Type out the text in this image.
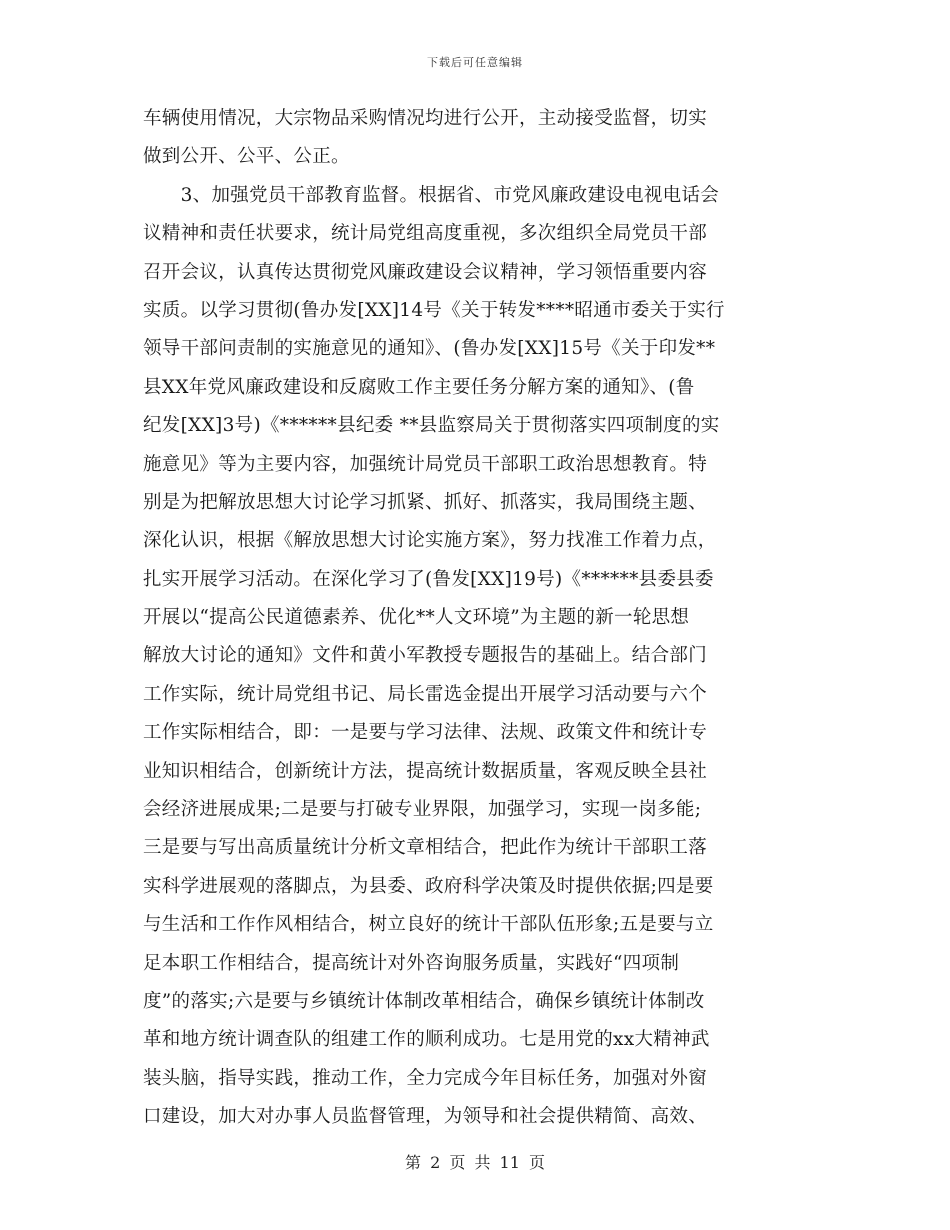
下载后可任意编辑
车辆使用情况，大宗物品采购情况均进行公开，主动接受监督，切实
做到公开、公平、公正。
　　3、加强党员干部教育监督。根据省、市党风廉政建设电视电话会
议精神和责任状要求，统计局党组高度重视，多次组织全局党员干部
召开会议，认真传达贯彻党风廉政建设会议精神，学习领悟重要内容
实质。以学习贯彻(鲁办发[XX]14号《关于转发****昭通市委关于实行
领导干部问责制的实施意见的通知》、(鲁办发[XX]15号《关于印发**
县XX年党风廉政建设和反腐败工作主要任务分解方案的通知》、(鲁
纪发[XX]3号)《******县纪委 **县监察局关于贯彻落实四项制度的实
施意见》等为主要内容，加强统计局党员干部职工政治思想教育。特
别是为把解放思想大讨论学习抓紧、抓好、抓落实，我局围绕主题、
深化认识，根据《解放思想大讨论实施方案》，努力找准工作着力点，
扎实开展学习活动。在深化学习了(鲁发[XX]19号)《******县委县委
开展以“提高公民道德素养、优化**人文环境”为主题的新一轮思想
解放大讨论的通知》文件和黄小军教授专题报告的基础上。结合部门
工作实际，统计局党组书记、局长雷选金提出开展学习活动要与六个
工作实际相结合，即：一是要与学习法律、法规、政策文件和统计专
业知识相结合，创新统计方法，提高统计数据质量，客观反映全县社
会经济进展成果;二是要与打破专业界限，加强学习，实现一岗多能;
三是要与写出高质量统计分析文章相结合，把此作为统计干部职工落
实科学进展观的落脚点，为县委、政府科学决策及时提供依据;四是要
与生活和工作作风相结合，树立良好的统计干部队伍形象;五是要与立
足本职工作相结合，提高统计对外咨询服务质量，实践好“四项制
度”的落实;六是要与乡镇统计体制改革相结合，确保乡镇统计体制改
革和地方统计调查队的组建工作的顺利成功。七是用党的xx大精神武
装头脑，指导实践，推动工作，全力完成今年目标任务，加强对外窗
口建设，加大对办事人员监督管理，为领导和社会提供精简、高效、
第 2 页 共 11 页
